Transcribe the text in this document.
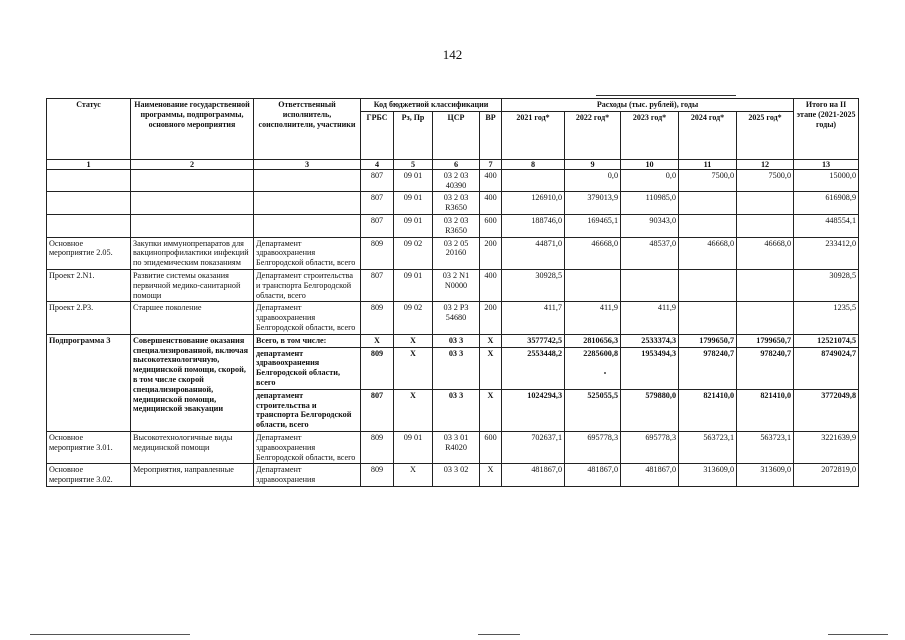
142
Статус	Наименование государственной программы, подпрограммы, основного мероприятия	Ответственный исполнитель, соисполнители, участники	Код бюджетной классификации				Расходы (тыс. рублей), годы					Итого на II этапе (2021-2025 годы)
			ГРБС	Рз, Пр	ЦСР	ВР	2021 год*	2022 год*	2023 год*	2024 год*	2025 год*	
1	2	3	4	5	6	7	8	9	10	11	12	13
			807	09 01	03 2 03 40390	400		0,0	0,0	7500,0	7500,0	15000,0
			807	09 01	03 2 03 R3650	400	126910,0	379013,9	110985,0			616908,9
			807	09 01	03 2 03 R3650	600	188746,0	169465,1	90343,0			448554,1
Основное мероприятие 2.05.	Закупки иммунопрепаратов для вакцинопрофилактики инфекций по эпидемическим показаниям	Департамент здравоохранения Белгородской области, всего	809	09 02	03 2 05 20160	200	44871,0	46668,0	48537,0	46668,0	46668,0	233412,0
Проект 2.N1.	Развитие системы оказания первичной медико-санитарной помощи	Департамент строительства и транспорта Белгородской области, всего	807	09 01	03 2 N1 N0000	400	30928,5					30928,5
Проект 2.P3.	Старшее поколение	Департамент здравоохранения Белгородской области, всего	809	09 02	03 2 P3 54680	200	411,7	411,9	411,9			1235,5
Подпрограмма 3	Совершенствование оказания специализированной, включая высокотехнологичную, медицинской помощи, скорой, в том числе скорой специализированной, медицинской помощи, медицинской эвакуации	Всего, в том числе:	X	X	03 3	X	3577742,5	2810656,3	2533374,3	1799650,7	1799650,7	12521074,5
		департамент здравоохранения Белгородской области, всего	809	X	03 3	X	2553448,2	2285600,8	1953494,3	978240,7	978240,7	8749024,7
		департамент строительства и транспорта Белгородской области, всего	807	X	03 3	X	1024294,3	525055,5	579880,0	821410,0	821410,0	3772049,8
Основное мероприятие 3.01.	Высокотехнологичные виды медицинской помощи	Департамент здравоохранения Белгородской области, всего	809	09 01	03 3 01 R4020	600	702637,1	695778,3	695778,3	563723,1	563723,1	3221639,9
Основное мероприятие 3.02.	Мероприятия, направленные	Департамент здравоохранения	809	X	03 3 02	X	481867,0	481867,0	481867,0	313609,0	313609,0	2072819,0
